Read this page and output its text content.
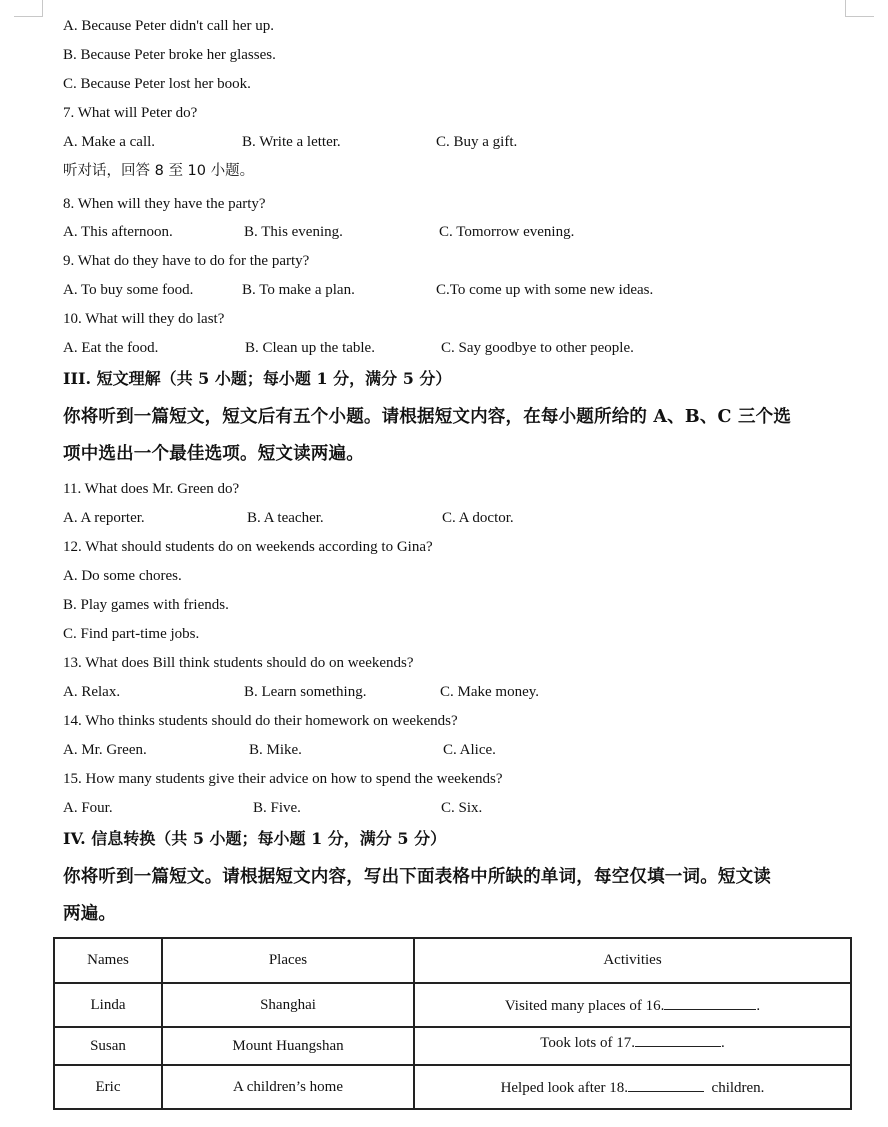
A. Because Peter didn't call her up.
B. Because Peter broke her glasses.
C. Because Peter lost her book.
7. What will Peter do?
A. Make a call.	B. Write a letter.	C. Buy a gift.
听对话，回答 8 至 10 小题。
8. When will they have the party?
A. This afternoon.	B. This evening.	C. Tomorrow evening.
9. What do they have to do for the party?
A. To buy some food.	B. To make a plan.	C.To come up with some new ideas.
10. What will they do last?
A. Eat the food.	B. Clean up the table.	C. Say goodbye to other people.
III. 短文理解（共 5 小题；每小题 1 分，满分 5 分）
你将听到一篇短文，短文后有五个小题。请根据短文内容，在每小题所给的 A、B、C 三个选
项中选出一个最佳选项。短文读两遍。
11. What does Mr. Green do?
A. A reporter.	B. A teacher.	C. A doctor.
12. What should students do on weekends according to Gina?
A. Do some chores.
B. Play games with friends.
C. Find part-time jobs.
13. What does Bill think students should do on weekends?
A. Relax.	B. Learn something.	C. Make money.
14. Who thinks students should do their homework on weekends?
A. Mr. Green.	B. Mike.	C. Alice.
15. How many students give their advice on how to spend the weekends?
A. Four.	B. Five.	C. Six.
IV. 信息转换（共 5 小题；每小题 1 分，满分 5 分）
你将听到一篇短文。请根据短文内容，写出下面表格中所缺的单词，每空仅填一词。短文读
两遍。
Names	Places	Activities
Linda	Shanghai	Visited many places of 16. .
Susan	Mount Huangshan	Took lots of 17. .
Eric	A children’s home	Helped look after 18. children.
